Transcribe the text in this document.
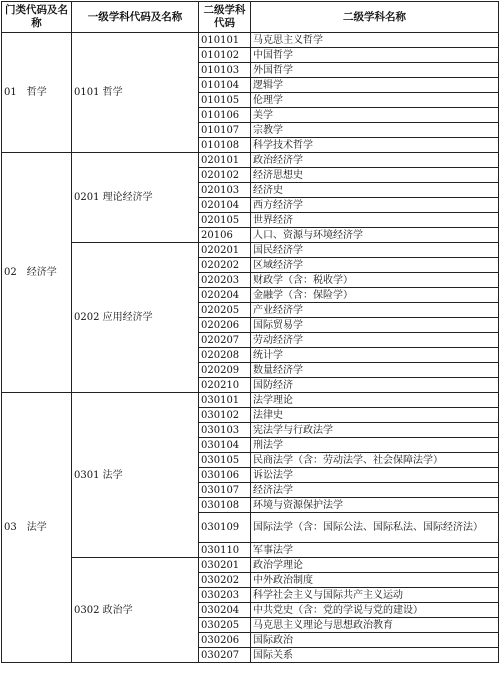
门类代码及名称	一级学科代码及名称	二级学科代码	二级学科名称
01　哲学	0101 哲学	010101	马克思主义哲学
		010102	中国哲学
		010103	外国哲学
		010104	逻辑学
		010105	伦理学
		010106	美学
		010107	宗教学
		010108	科学技术哲学
02　经济学	0201 理论经济学	020101	政治经济学
		020102	经济思想史
		020103	经济史
		020104	西方经济学
		020105	世界经济
		20106	人口、资源与环境经济学
	0202 应用经济学	020201	国民经济学
		020202	区域经济学
		020203	财政学（含：税收学）
		020204	金融学（含：保险学）
		020205	产业经济学
		020206	国际贸易学
		020207	劳动经济学
		020208	统计学
		020209	数量经济学
		020210	国防经济
03　法学	0301 法学	030101	法学理论
		030102	法律史
		030103	宪法学与行政法学
		030104	刑法学
		030105	民商法学（含：劳动法学、社会保障法学）
		030106	诉讼法学
		030107	经济法学
		030108	环境与资源保护法学
		030109	国际法学（含：国际公法、国际私法、国际经济法）
		030110	军事法学
	0302 政治学	030201	政治学理论
		030202	中外政治制度
		030203	科学社会主义与国际共产主义运动
		030204	中共党史（含：党的学说与党的建设）
		030205	马克思主义理论与思想政治教育
		030206	国际政治
		030207	国际关系
